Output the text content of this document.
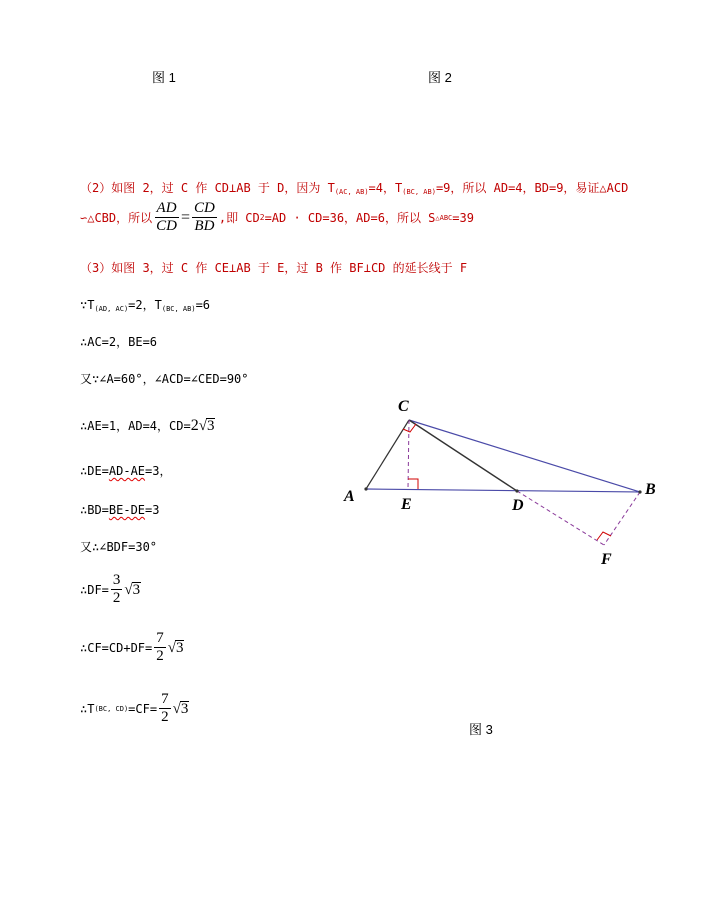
图 1	图 2
图 3
（2）如图 2，过 C 作 CD⊥AB 于 D，因为 $T_{(AC, AB)}=4$，$T_{(BC, AB)}=9$，所以 AD=4，BD=9，易证△ACD
∽△CBD，所以 $\frac{AD}{CD} = \frac{CD}{BD}$ ,即 CD 2 =AD · CD=36，AD=6，所以 S △ABC =39
（3）如图 3，过 C 作 CE⊥AB 于 E，过 B 作 BF⊥CD 的延长线于 F
$\because T_{(AD, AC)}=2$，$T_{(BC, AB)}=6$
∴AC=2，BE=6
又∵∠A=60°，∠ACD=∠CED=90°
∴AE=1，AD=4，CD= 2 √3
∴DE=AD-AE=3，
∴BD=BE-DE=3
又∴∠BDF=30°
∴DF= $\frac{3}{2} √3$
∴CF=CD+DF= $\frac{7}{2} √3$
∴T (BC, $CD) =CF= \frac{7}{2} √3$
C
A	E	D
B
F
